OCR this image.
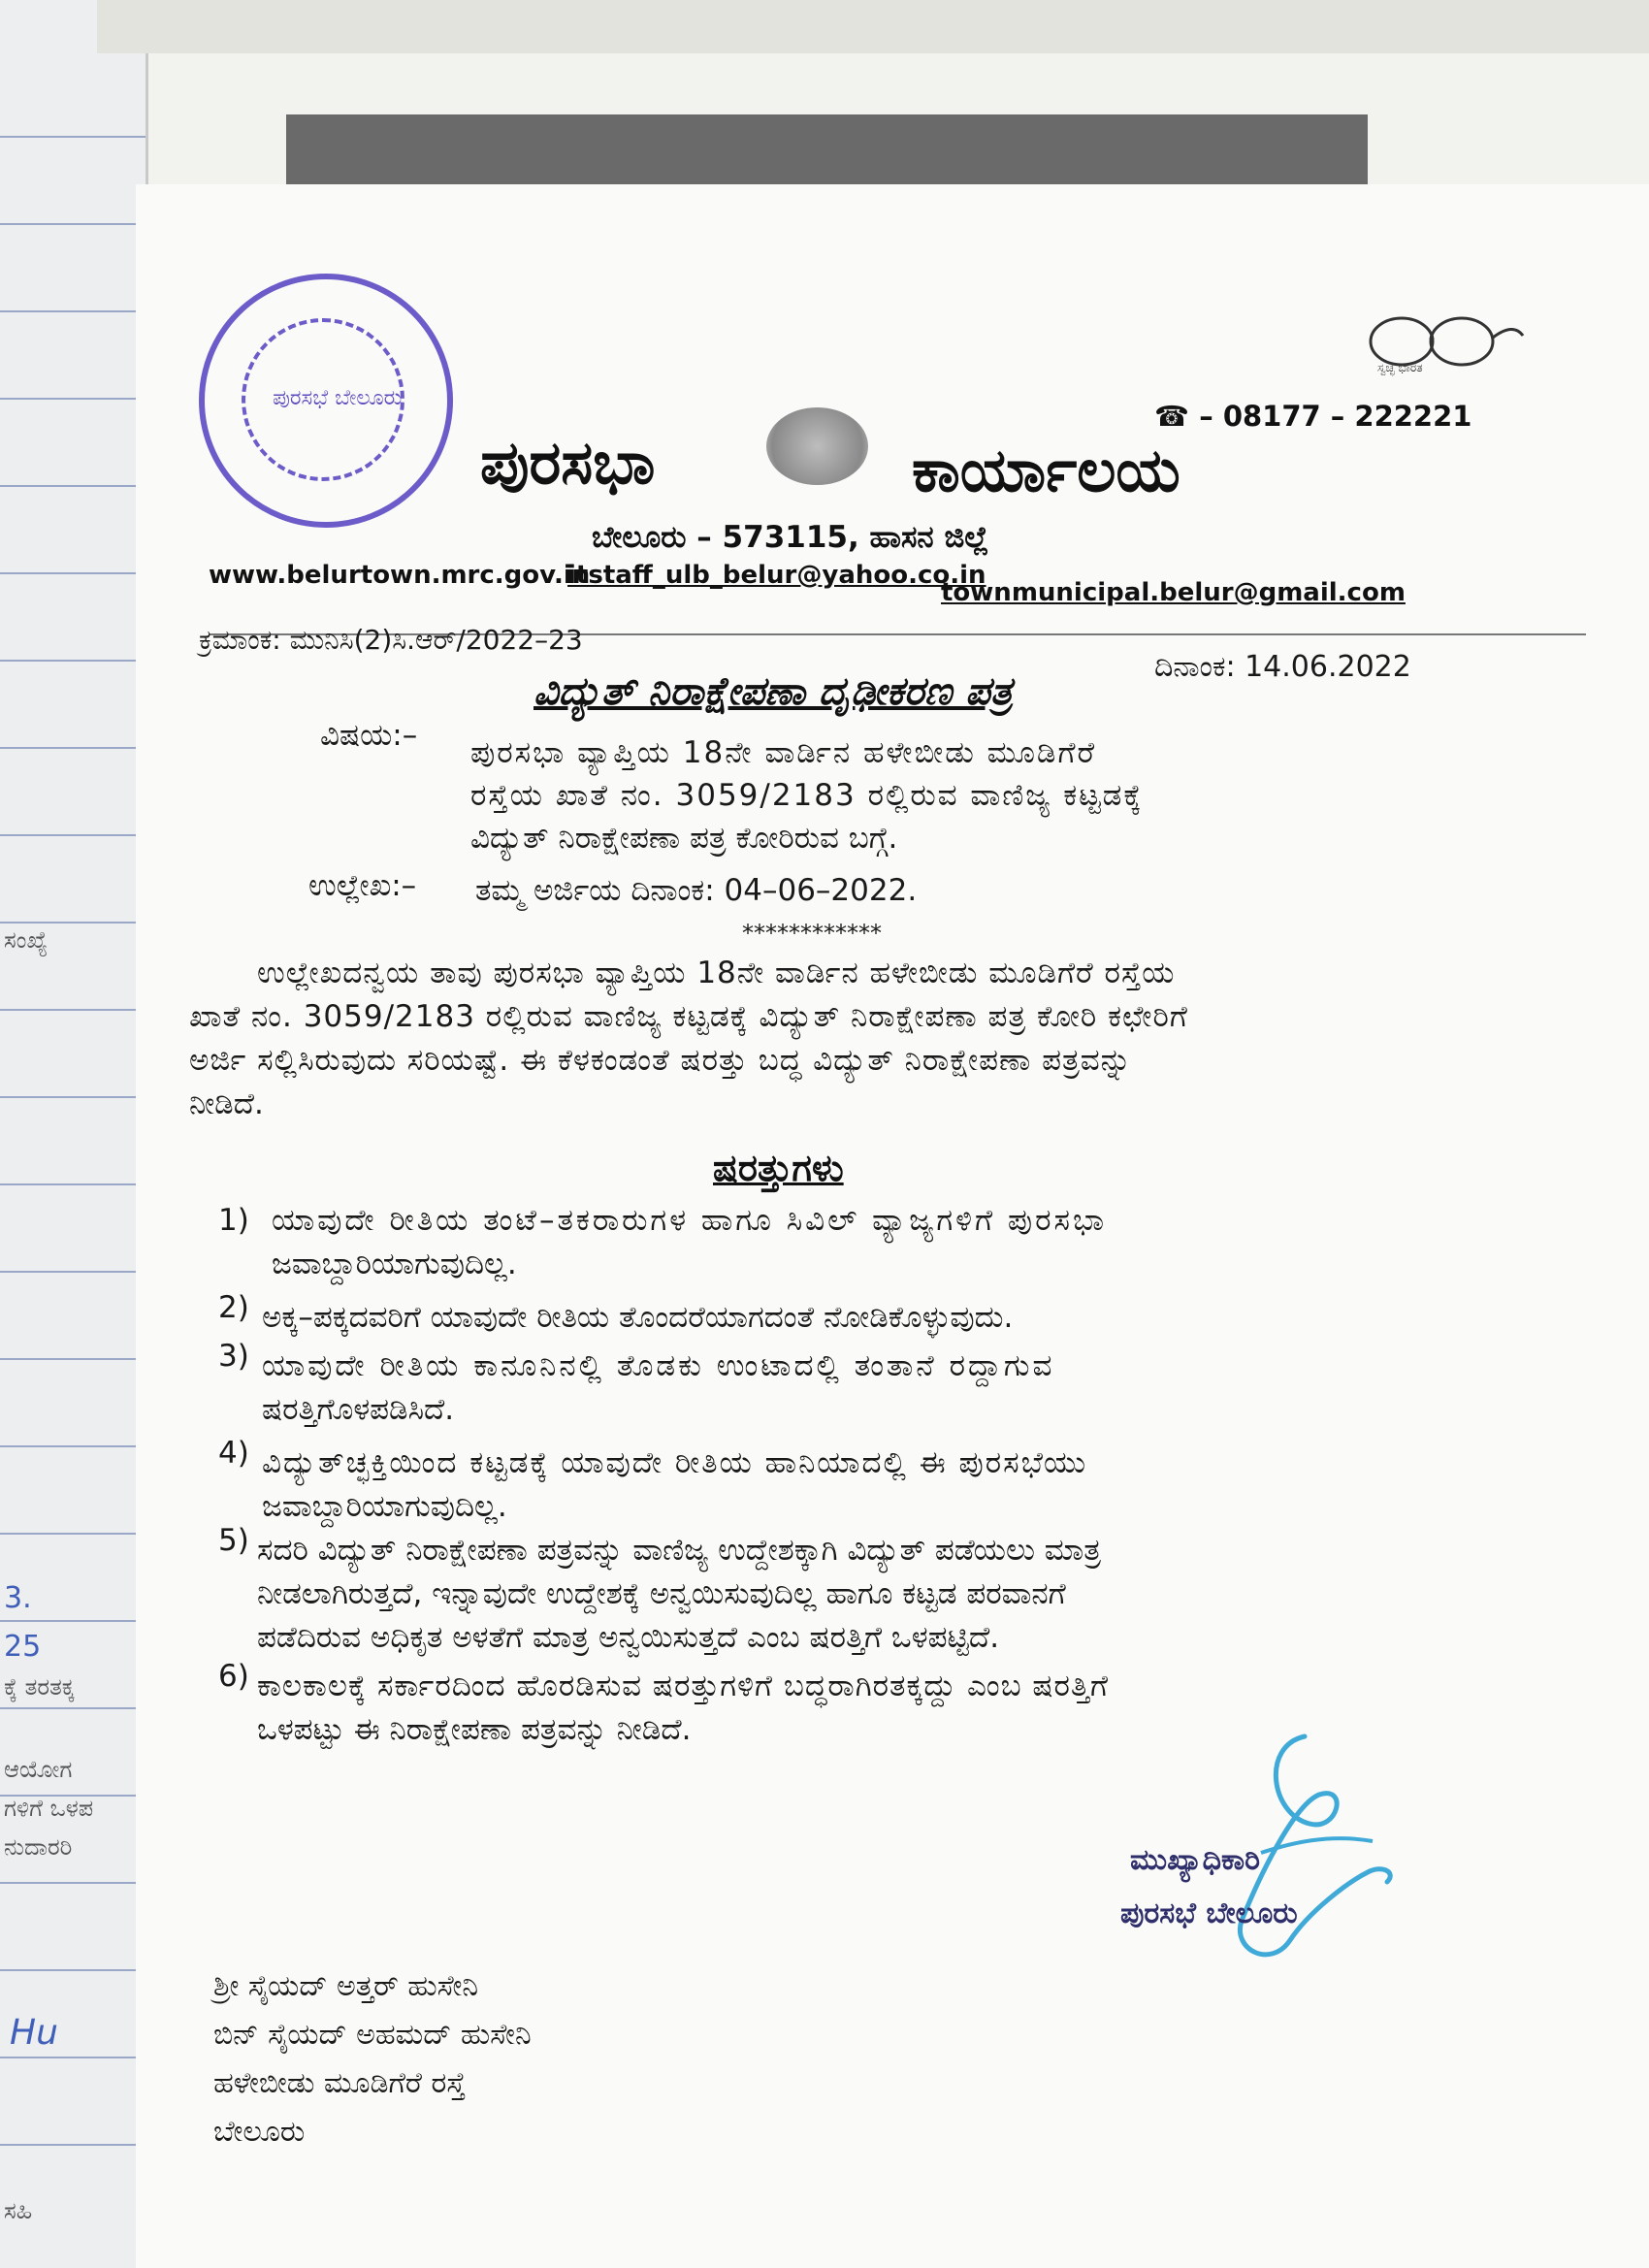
ಸಂಖ್ಯೆ
3.
25
ಕ್ಕೆ ತರತಕ್ಕ
ಆಯೋಗ
ಗಳಿಗೆ ಒಳಪ
ನುದಾರರಿ
Hu
ಸಹಿ
ಪುರಸಭೆ ಬೇಲೂರು
ಸ್ವಚ್ಛ ಭಾರತ
☎ – 08177 – 222221
ಪುರಸಭಾ	ಕಾರ್ಯಾಲಯ
ಬೇಲೂರು – 573115, ಹಾಸನ ಜಿಲ್ಲೆ
www.belurtown.mrc.gov.in
itstaff_ulb_belur@yahoo.co.in
townmunicipal.belur@gmail.com
ಕ್ರಮಾಂಕ: ಮುನಿಸಿ(2)ಸಿ.ಆರ್/2022–23
ದಿನಾಂಕ: 14.06.2022
ವಿದ್ಯುತ್ ನಿರಾಕ್ಷೇಪಣಾ ದೃಢೀಕರಣ ಪತ್ರ
ವಿಷಯ:– ಪುರಸಭಾ ವ್ಯಾಪ್ತಿಯ 18ನೇ ವಾರ್ಡಿನ ಹಳೇಬೀಡು ಮೂಡಿಗೆರೆ
ರಸ್ತೆಯ ಖಾತೆ ನಂ. 3059/2183 ರಲ್ಲಿರುವ ವಾಣಿಜ್ಯ ಕಟ್ಟಡಕ್ಕೆ
ವಿದ್ಯುತ್ ನಿರಾಕ್ಷೇಪಣಾ ಪತ್ರ ಕೋರಿರುವ ಬಗ್ಗೆ.
ಉಲ್ಲೇಖ:– ತಮ್ಮ ಅರ್ಜಿಯ ದಿನಾಂಕ: 04–06–2022.
************
ಉಲ್ಲೇಖದನ್ವಯ ತಾವು ಪುರಸಭಾ ವ್ಯಾಪ್ತಿಯ 18ನೇ ವಾರ್ಡಿನ ಹಳೇಬೀಡು ಮೂಡಿಗೆರೆ ರಸ್ತೆಯ
ಖಾತೆ ನಂ. 3059/2183 ರಲ್ಲಿರುವ ವಾಣಿಜ್ಯ ಕಟ್ಟಡಕ್ಕೆ ವಿದ್ಯುತ್ ನಿರಾಕ್ಷೇಪಣಾ ಪತ್ರ ಕೋರಿ ಕಛೇರಿಗೆ
ಅರ್ಜಿ ಸಲ್ಲಿಸಿರುವುದು ಸರಿಯಷ್ಟೆ. ಈ ಕೆಳಕಂಡಂತೆ ಷರತ್ತು ಬದ್ಧ ವಿದ್ಯುತ್ ನಿರಾಕ್ಷೇಪಣಾ ಪತ್ರವನ್ನು
ನೀಡಿದೆ.
ಷರತ್ತುಗಳು
1) ಯಾವುದೇ ರೀತಿಯ ತಂಟೆ–ತಕರಾರುಗಳ ಹಾಗೂ ಸಿವಿಲ್ ವ್ಯಾಜ್ಯಗಳಿಗೆ ಪುರಸಭಾ
ಜವಾಬ್ದಾರಿಯಾಗುವುದಿಲ್ಲ.
2) ಅಕ್ಕ–ಪಕ್ಕದವರಿಗೆ ಯಾವುದೇ ರೀತಿಯ ತೊಂದರೆಯಾಗದಂತೆ ನೋಡಿಕೊಳ್ಳುವುದು.
3) ಯಾವುದೇ ರೀತಿಯ ಕಾನೂನಿನಲ್ಲಿ ತೊಡಕು ಉಂಟಾದಲ್ಲಿ ತಂತಾನೆ ರದ್ದಾಗುವ
ಷರತ್ತಿಗೊಳಪಡಿಸಿದೆ.
4) ವಿದ್ಯುತ್‌ಚ್ಛಕ್ತಿಯಿಂದ ಕಟ್ಟಡಕ್ಕೆ ಯಾವುದೇ ರೀತಿಯ ಹಾನಿಯಾದಲ್ಲಿ ಈ ಪುರಸಭೆಯು
ಜವಾಬ್ದಾರಿಯಾಗುವುದಿಲ್ಲ.
5) ಸದರಿ ವಿದ್ಯುತ್ ನಿರಾಕ್ಷೇಪಣಾ ಪತ್ರವನ್ನು ವಾಣಿಜ್ಯ ಉದ್ದೇಶಕ್ಕಾಗಿ ವಿದ್ಯುತ್ ಪಡೆಯಲು ಮಾತ್ರ
ನೀಡಲಾಗಿರುತ್ತದೆ, ಇನ್ನಾವುದೇ ಉದ್ದೇಶಕ್ಕೆ ಅನ್ವಯಿಸುವುದಿಲ್ಲ ಹಾಗೂ ಕಟ್ಟಡ ಪರವಾನಗೆ
ಪಡೆದಿರುವ ಅಧಿಕೃತ ಅಳತೆಗೆ ಮಾತ್ರ ಅನ್ವಯಿಸುತ್ತದೆ ಎಂಬ ಷರತ್ತಿಗೆ ಒಳಪಟ್ಟಿದೆ.
6) ಕಾಲಕಾಲಕ್ಕೆ ಸರ್ಕಾರದಿಂದ ಹೊರಡಿಸುವ ಷರತ್ತುಗಳಿಗೆ ಬದ್ಧರಾಗಿರತಕ್ಕದ್ದು ಎಂಬ ಷರತ್ತಿಗೆ
ಒಳಪಟ್ಟು ಈ ನಿರಾಕ್ಷೇಪಣಾ ಪತ್ರವನ್ನು ನೀಡಿದೆ.
ಮುಖ್ಯಾಧಿಕಾರಿ
ಪುರಸಭೆ ಬೇಲೂರು
ಶ್ರೀ ಸೈಯದ್ ಅತ್ತರ್ ಹುಸೇನಿ
ಬಿನ್ ಸೈಯದ್ ಅಹಮದ್ ಹುಸೇನಿ
ಹಳೇಬೀಡು ಮೂಡಿಗೆರೆ ರಸ್ತೆ
ಬೇಲೂರು
